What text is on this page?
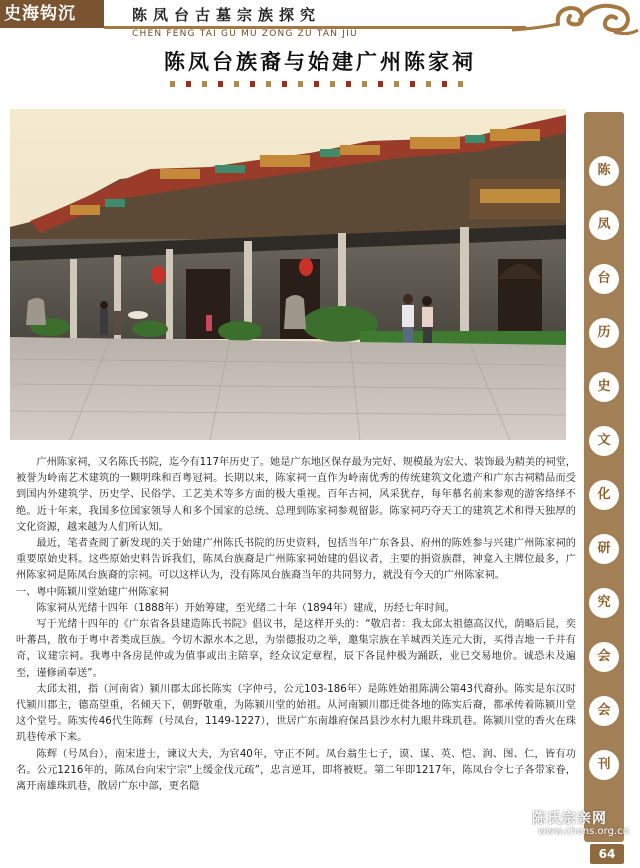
史海钩沉	陈凤台古墓宗族探究
CHEN FENG TAI GU MU ZONG ZU TAN JIU
陈凤台族裔与始建广州陈家祠
陈
凤
台
历
史
文
化
研
究
会
会
刊

广州陈家祠，又名陈氏书院，迄今有117年历史了。她是广东地区保存最为完好、规模最为宏大、装饰最为精美的祠堂，被誉为岭南艺术建筑的一颗明珠和百粤冠祠。长期以来，陈家祠一直作为岭南优秀的传统建筑文化遗产和广东古祠精品而受到国内外建筑学、历史学、民俗学、工艺美术等多方面的极大重视。百年古祠，风采犹存，每年慕名前来参观的游客络绎不绝。近十年来，我国多位国家领导人和多个国家的总统、总理到陈家祠参观留影。陈家祠巧夺天工的建筑艺术和得天独厚的文化资源，越来越为人们所认知。

最近，笔者查阅了新发现的关于始建广州陈氏书院的历史资料，包括当年广东各县、府州的陈姓参与兴建广州陈家祠的重要原始史料。这些原始史料告诉我们，陈凤台族裔是广州陈家祠始建的倡议者，主要的捐资族群，神龛入主牌位最多，广州陈家祠是陈凤台族裔的宗祠。可以这样认为，没有陈凤台族裔当年的共同努力，就没有今天的广州陈家祠。

一、粤中陈颖川堂始建广州陈家祠

陈家祠从光绪十四年（1888年）开始筹建，至光绪二十年（1894年）建成，历经七年时间。

写于光绪十四年的《广东省各县建造陈氏书院》倡议书，是这样开头的：“敬启者：我太邱太祖德高汉代，荫略后昆，奕叶蕃昌，散布于粤中者类成巨族。今切木源水本之思，为崇德报功之举，邀集宗族在羊城西关连元大街，买得吉地一千井有奇，议建宗祠。我粤中各房昆仲或为值事或出主陪享，经众议定章程，辰下各昆仲极为踊跃，业已交易地价。诚恐未及遍至，谨修函奉送”。

太邱太祖，指（河南省）颍川郡太邱长陈实（字仲弓，公元103-186年）是陈姓始祖陈满公第43代裔孙。陈实是东汉时代颍川郡主，德高望重，名倾天下，朝野敬重，为陈颍川堂的始祖。从河南颍川郡迁徙各地的陈实后裔，都承传着陈颍川堂这个堂号。陈实传46代生陈辉（号凤台，1149-1227），世居广东南雄府保昌县沙水村九眼井珠玑巷。陈颍川堂的香火在珠玑巷传承下来。

陈辉（号凤台），南宋进士，谏议大夫，为官40年，守正不阿。凤台翁生七子，谟、谋、英、恺、润、图、仁，皆有功名。公元1216年的，陈凤台向宋宁宗“上缓金伐元疏”，忠言逆耳，即将被贬。第二年即1217年，陈凤台令七子各带家眷，离开南雄珠玑巷，散居广东中部，更名隐

陈氏宗亲网
www.chens.org.cn
64
